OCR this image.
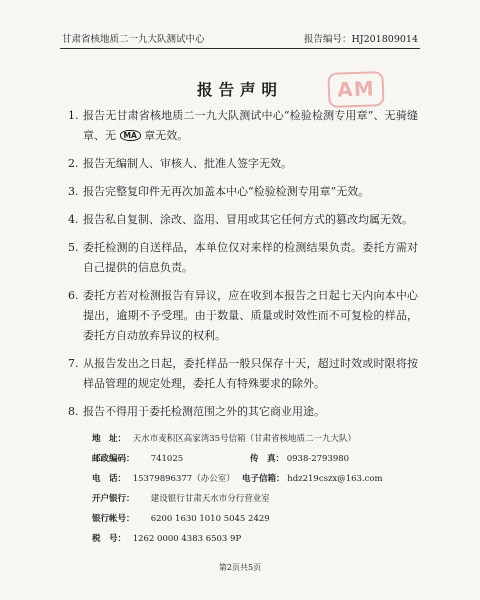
甘肃省核地质二一九大队测试中心	报告编号：HJ201809014
AM
报告声明
1. 报告无甘肃省核地质二一九大队测试中心“检验检测专用章”、无骑缝章、无 MA 章无效。
2. 报告无编制人、审核人、批准人签字无效。
3. 报告完整复印件无再次加盖本中心“检验检测专用章”无效。
4. 报告私自复制、涂改、盗用、冒用或其它任何方式的篡改均属无效。
5. 委托检测的自送样品，本单位仅对来样的检测结果负责。委托方需对自己提供的信息负责。
6. 委托方若对检测报告有异议，应在收到本报告之日起七天内向本中心提出，逾期不予受理。由于数量、质量或时效性而不可复检的样品，委托方自动放弃异议的权利。
7. 从报告发出之日起，委托样品一般只保存十天，超过时效或时限将按样品管理的规定处理，委托人有特殊要求的除外。
8. 报告不得用于委托检测范围之外的其它商业用途。
地　址： 天水市麦积区高家湾35号信箱（甘肃省核地质二一九大队）
邮政编码： 741025	传　真： 0938-2793980
电　话： 15379896377（办公室） 电子信箱： hdz219cszx@163.com
开户银行： 建设银行甘肃天水市分行营业室
银行帐号： 6200 1630 1010 5045 2429
税　号： 1262 0000 4383 6503 9P
第2页共5页
